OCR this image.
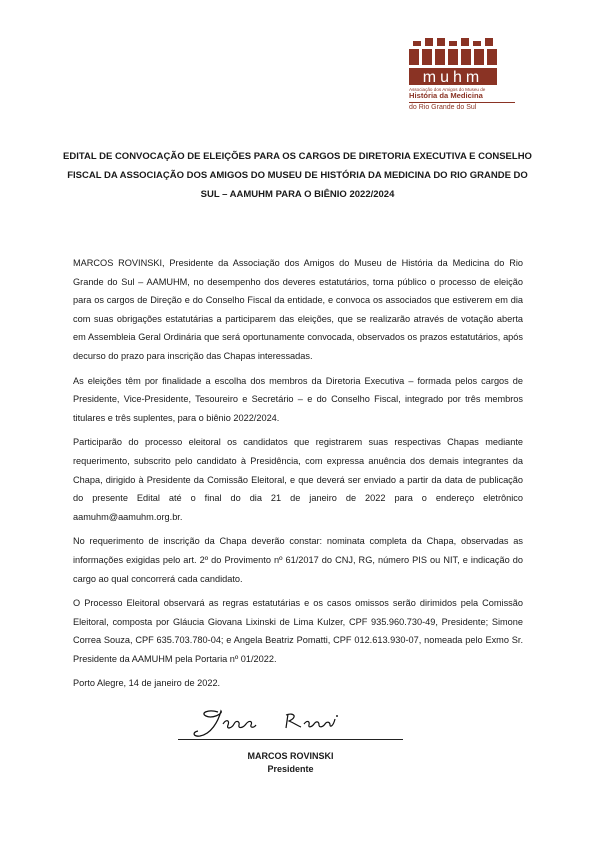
muhm
Associação dos Amigos do Museu de
História da Medicina
do Rio Grande do Sul
EDITAL DE CONVOCAÇÃO DE ELEIÇÕES PARA OS CARGOS DE DIRETORIA EXECUTIVA E CONSELHO FISCAL DA ASSOCIAÇÃO DOS AMIGOS DO MUSEU DE HISTÓRIA DA MEDICINA DO RIO GRANDE DO SUL – AAMUHM PARA O BIÊNIO 2022/2024

MARCOS ROVINSKI, Presidente da Associação dos Amigos do Museu de História da Medicina do Rio Grande do Sul – AAMUHM, no desempenho dos deveres estatutários, torna público o processo de eleição para os cargos de Direção e do Conselho Fiscal da entidade, e convoca os associados que estiverem em dia com suas obrigações estatutárias a participarem das eleições, que se realizarão através de votação aberta em Assembleia Geral Ordinária que será oportunamente convocada, observados os prazos estatutários, após decurso do prazo para inscrição das Chapas interessadas.

As eleições têm por finalidade a escolha dos membros da Diretoria Executiva – formada pelos cargos de Presidente, Vice-Presidente, Tesoureiro e Secretário – e do Conselho Fiscal, integrado por três membros titulares e três suplentes, para o biênio 2022/2024.

Participarão do processo eleitoral os candidatos que registrarem suas respectivas Chapas mediante requerimento, subscrito pelo candidato à Presidência, com expressa anuência dos demais integrantes da Chapa, dirigido à Presidente da Comissão Eleitoral, e que deverá ser enviado a partir da data de publicação do presente Edital até o final do dia 21 de janeiro de 2022 para o endereço eletrônico aamuhm@aamuhm.org.br.

No requerimento de inscrição da Chapa deverão constar: nominata completa da Chapa, observadas as informações exigidas pelo art. 2º do Provimento nº 61/2017 do CNJ, RG, número PIS ou NIT, e indicação do cargo ao qual concorrerá cada candidato.

O Processo Eleitoral observará as regras estatutárias e os casos omissos serão dirimidos pela Comissão Eleitoral, composta por Gláucia Giovana Lixinski de Lima Kulzer, CPF 935.960.730-49, Presidente; Simone Correa Souza, CPF 635.703.780-04; e Angela Beatriz Pomatti, CPF 012.613.930-07, nomeada pelo Exmo Sr. Presidente da AAMUHM pela Portaria nº 01/2022.

Porto Alegre, 14 de janeiro de 2022.

MARCOS ROVINSKI
Presidente
